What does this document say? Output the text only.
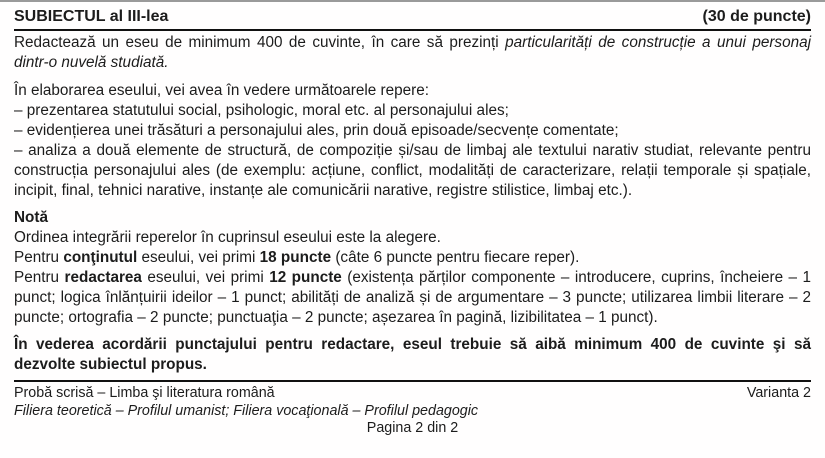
SUBIECTUL al III-lea	(30 de puncte)

Redactează un eseu de minimum 400 de cuvinte, în care să prezinți particularități de construcție a unui personaj dintr-o nuvelă studiată.

În elaborarea eseului, vei avea în vedere următoarele repere:

– prezentarea statutului social, psihologic, moral etc. al personajului ales;

– evidențierea unei trăsături a personajului ales, prin două episoade/secvențe comentate;

– analiza a două elemente de structură, de compoziție și/sau de limbaj ale textului narativ studiat, relevante pentru construcția personajului ales (de exemplu: acțiune, conflict, modalități de caracterizare, relații temporale și spațiale, incipit, final, tehnici narative, instanțe ale comunicării narative, registre stilistice, limbaj etc.).

Notă

Ordinea integrării reperelor în cuprinsul eseului este la alegere.

Pentru conţinutul eseului, vei primi 18 puncte (câte 6 puncte pentru fiecare reper).

Pentru redactarea eseului, vei primi 12 puncte (existența părților componente – introducere, cuprins, încheiere – 1 punct; logica înlănțuirii ideilor – 1 punct; abilități de analiză și de argumentare – 3 puncte; utilizarea limbii literare – 2 puncte; ortografia – 2 puncte; punctuaţia – 2 puncte; așezarea în pagină, lizibilitatea – 1 punct).

În vederea acordării punctajului pentru redactare, eseul trebuie să aibă minimum 400 de cuvinte şi să dezvolte subiectul propus.

Probă scrisă – Limba şi literatura română	Varianta 2
Filiera teoretică – Profilul umanist; Filiera vocaţională – Profilul pedagogic
Pagina 2 din 2
